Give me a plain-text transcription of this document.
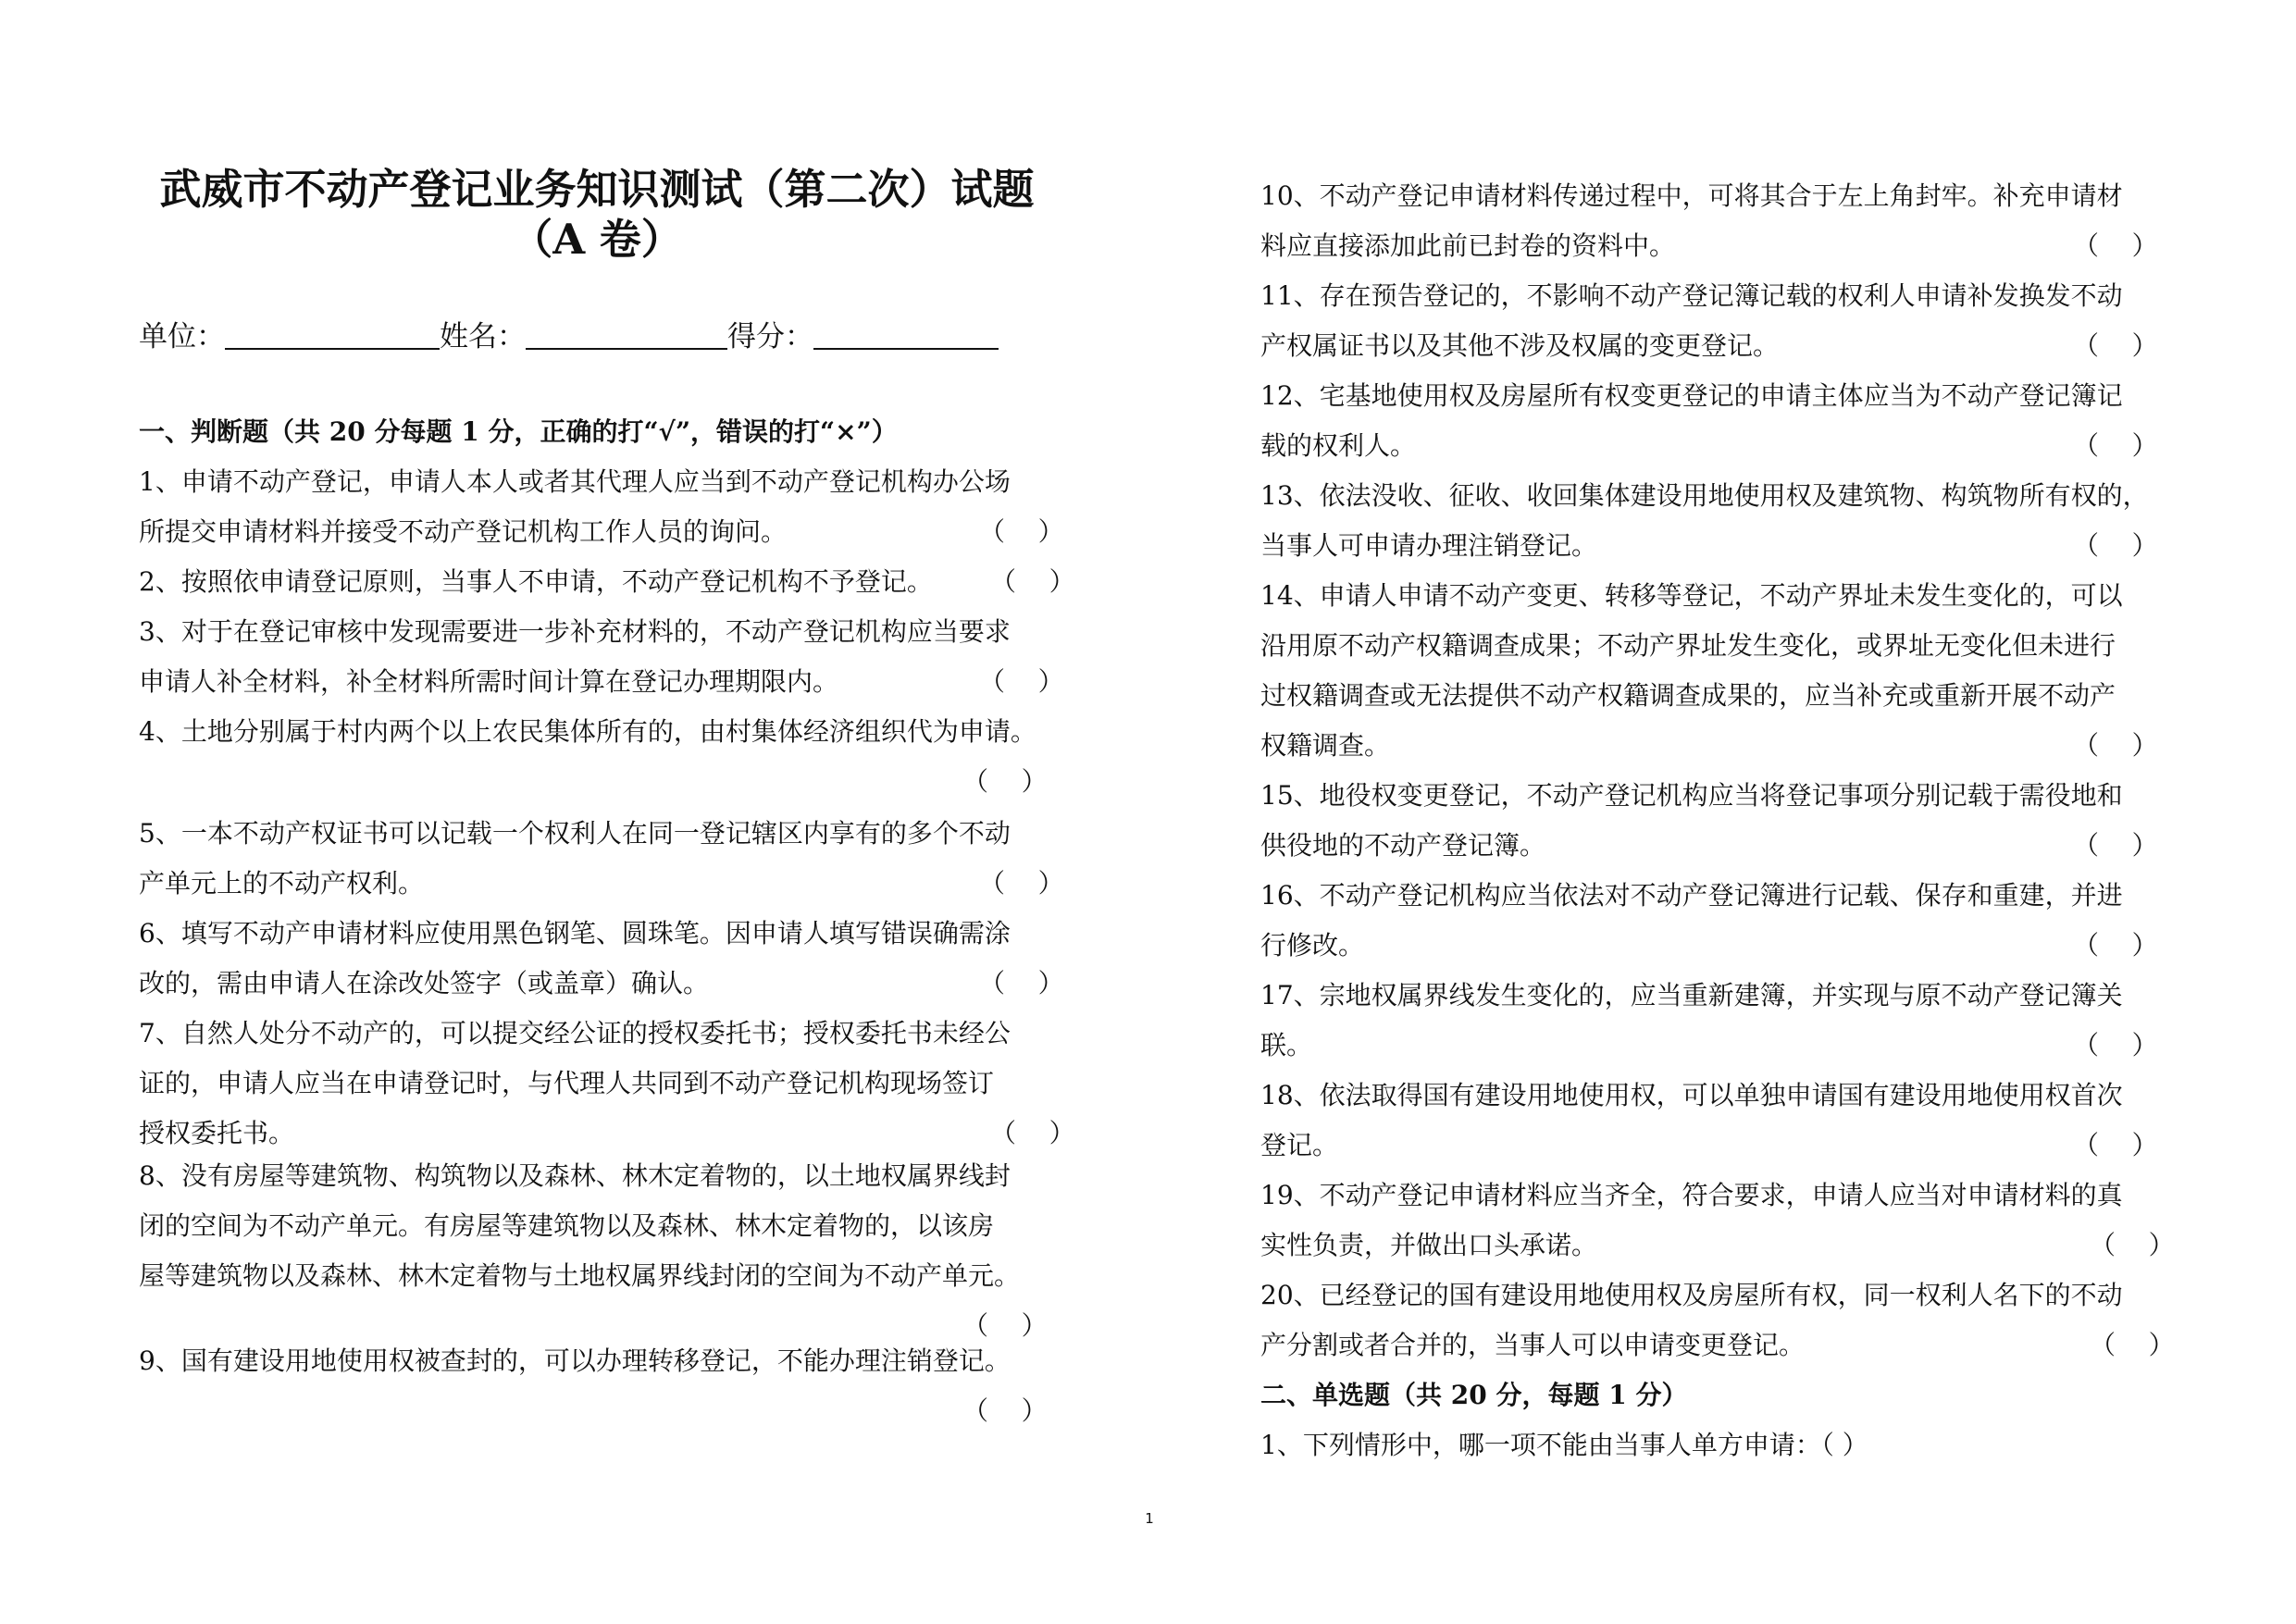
武威市不动产登记业务知识测试（第二次）试题
（A 卷）
单位：	姓名：	得分：
一、判断题（共 20 分每题 1 分，正确的打“√”，错误的打“×”）
1、申请不动产登记，申请人本人或者其代理人应当到不动产登记机构办公场
所提交申请材料并接受不动产登记机构工作人员的询问。	（    ）
2、按照依申请登记原则，当事人不申请，不动产登记机构不予登记。	（    ）
3、对于在登记审核中发现需要进一步补充材料的，不动产登记机构应当要求
申请人补全材料，补全材料所需时间计算在登记办理期限内。	（    ）
4、土地分别属于村内两个以上农民集体所有的，由村集体经济组织代为申请。
（    ）
5、一本不动产权证书可以记载一个权利人在同一登记辖区内享有的多个不动
产单元上的不动产权利。	（    ）
6、填写不动产申请材料应使用黑色钢笔、圆珠笔。因申请人填写错误确需涂
改的，需由申请人在涂改处签字（或盖章）确认。	（    ）
7、自然人处分不动产的，可以提交经公证的授权委托书；授权委托书未经公
证的，申请人应当在申请登记时，与代理人共同到不动产登记机构现场签订
授权委托书。	（    ）
8、没有房屋等建筑物、构筑物以及森林、林木定着物的，以土地权属界线封
闭的空间为不动产单元。有房屋等建筑物以及森林、林木定着物的，以该房
屋等建筑物以及森林、林木定着物与土地权属界线封闭的空间为不动产单元。
（    ）
9、国有建设用地使用权被查封的，可以办理转移登记，不能办理注销登记。
（    ）
10、不动产登记申请材料传递过程中，可将其合于左上角封牢。补充申请材
料应直接添加此前已封卷的资料中。	（    ）
11、存在预告登记的，不影响不动产登记簿记载的权利人申请补发换发不动
产权属证书以及其他不涉及权属的变更登记。	（    ）
12、宅基地使用权及房屋所有权变更登记的申请主体应当为不动产登记簿记
载的权利人。	（    ）
13、依法没收、征收、收回集体建设用地使用权及建筑物、构筑物所有权的，
当事人可申请办理注销登记。	（    ）
14、申请人申请不动产变更、转移等登记，不动产界址未发生变化的，可以
沿用原不动产权籍调查成果；不动产界址发生变化，或界址无变化但未进行
过权籍调查或无法提供不动产权籍调查成果的，应当补充或重新开展不动产
权籍调查。	（    ）
15、地役权变更登记，不动产登记机构应当将登记事项分别记载于需役地和
供役地的不动产登记簿。	（    ）
16、不动产登记机构应当依法对不动产登记簿进行记载、保存和重建，并进
行修改。	（    ）
17、宗地权属界线发生变化的，应当重新建簿，并实现与原不动产登记簿关
联。	（    ）
18、依法取得国有建设用地使用权，可以单独申请国有建设用地使用权首次
登记。	（    ）
19、不动产登记申请材料应当齐全，符合要求，申请人应当对申请材料的真
实性负责，并做出口头承诺。	（    ）
20、已经登记的国有建设用地使用权及房屋所有权，同一权利人名下的不动
产分割或者合并的，当事人可以申请变更登记。	（    ）
二、单选题（共 20 分，每题 1 分）
1、下列情形中，哪一项不能由当事人单方申请：（ ）
1
